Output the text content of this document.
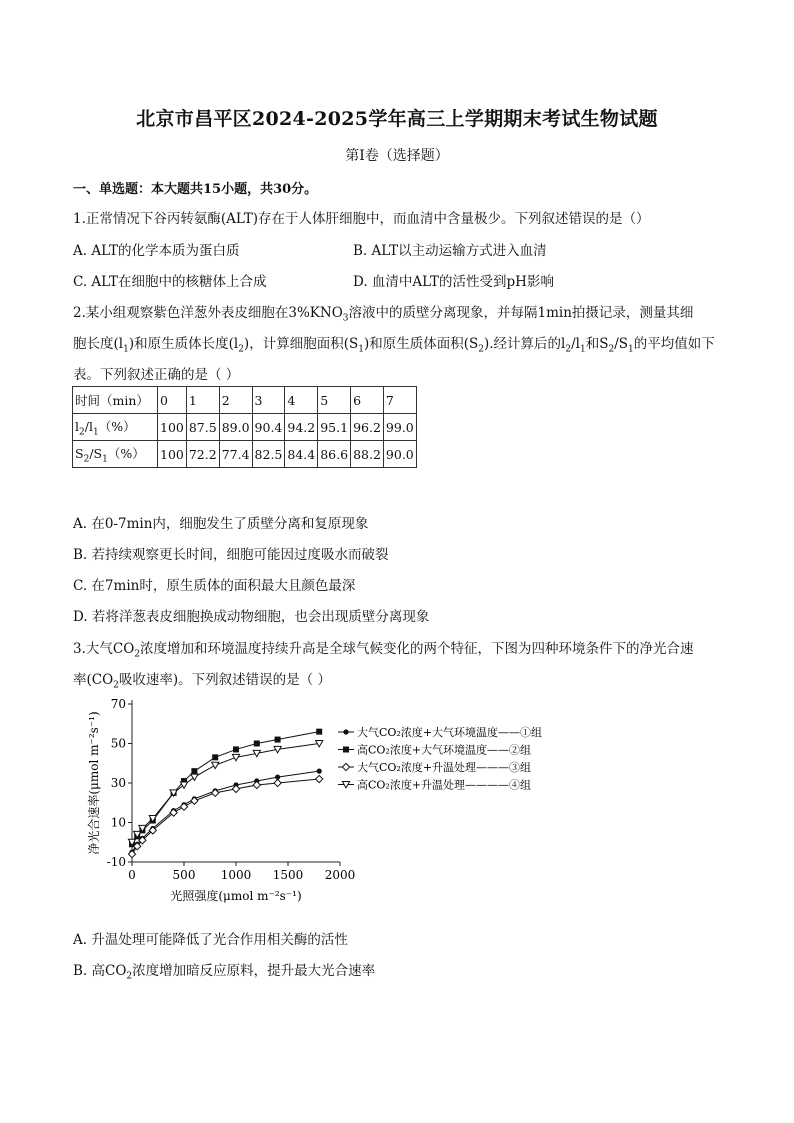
北京市昌平区2024-2025学年高三上学期期末考试生物试题
第I卷（选择题）
一、单选题：本大题共15小题，共30分。
1.正常情况下谷丙转氨酶(ALT)存在于人体肝细胞中，而血清中含量极少。下列叙述错误的是（）
A. ALT的化学本质为蛋白质	B. ALT以主动运输方式进入血清
C. ALT在细胞中的核糖体上合成	D. 血清中ALT的活性受到pH影响
2.某小组观察紫色洋葱外表皮细胞在$3\%KNO_3$溶液中的质壁分离现象，并每隔1min拍摄记录，测量其细
胞长度$(l_1)$和原生质体长度$(l_2)$，计算细胞面积$(S_1)$和原生质体面积$(S_2)$.经计算后的$l_2/l_1$和$S_2/S_1$的平均值如下
表。下列叙述正确的是（ ）
时间（min）	0	1	2	3	4	5	6	7
$l_2/l_1(\%)$	100	87.5	89.0	90.4	94.2	95.1	96.2	99.0
$S_2/S_1(\%)$	100	72.2	77.4	82.5	84.4	86.6	88.2	90.0
A. 在0-7min内，细胞发生了质壁分离和复原现象
B. 若持续观察更长时间，细胞可能因过度吸水而破裂
C. 在7min时，原生质体的面积最大且颜色最深
D. 若将洋葱表皮细胞换成动物细胞，也会出现质壁分离现象
3.大气$CO_2$浓度增加和环境温度持续升高是全球气候变化的两个特征，下图为四种环境条件下的净光合速
率($CO_2$吸收速率)。下列叙述错误的是（ ）
0	500 1000 1500 2000
-10
10
30
50
70
光照强度(μmol m⁻²s⁻¹)
净光合速率(μmol m⁻²s⁻¹)	大气CO₂浓度+大气环境温度——①组
高CO₂浓度+大气环境温度——②组
大气CO₂浓度+升温处理———③组
高CO₂浓度+升温处理————④组
A. 升温处理可能降低了光合作用相关酶的活性
B. 高$CO_2$浓度增加暗反应原料，提升最大光合速率
